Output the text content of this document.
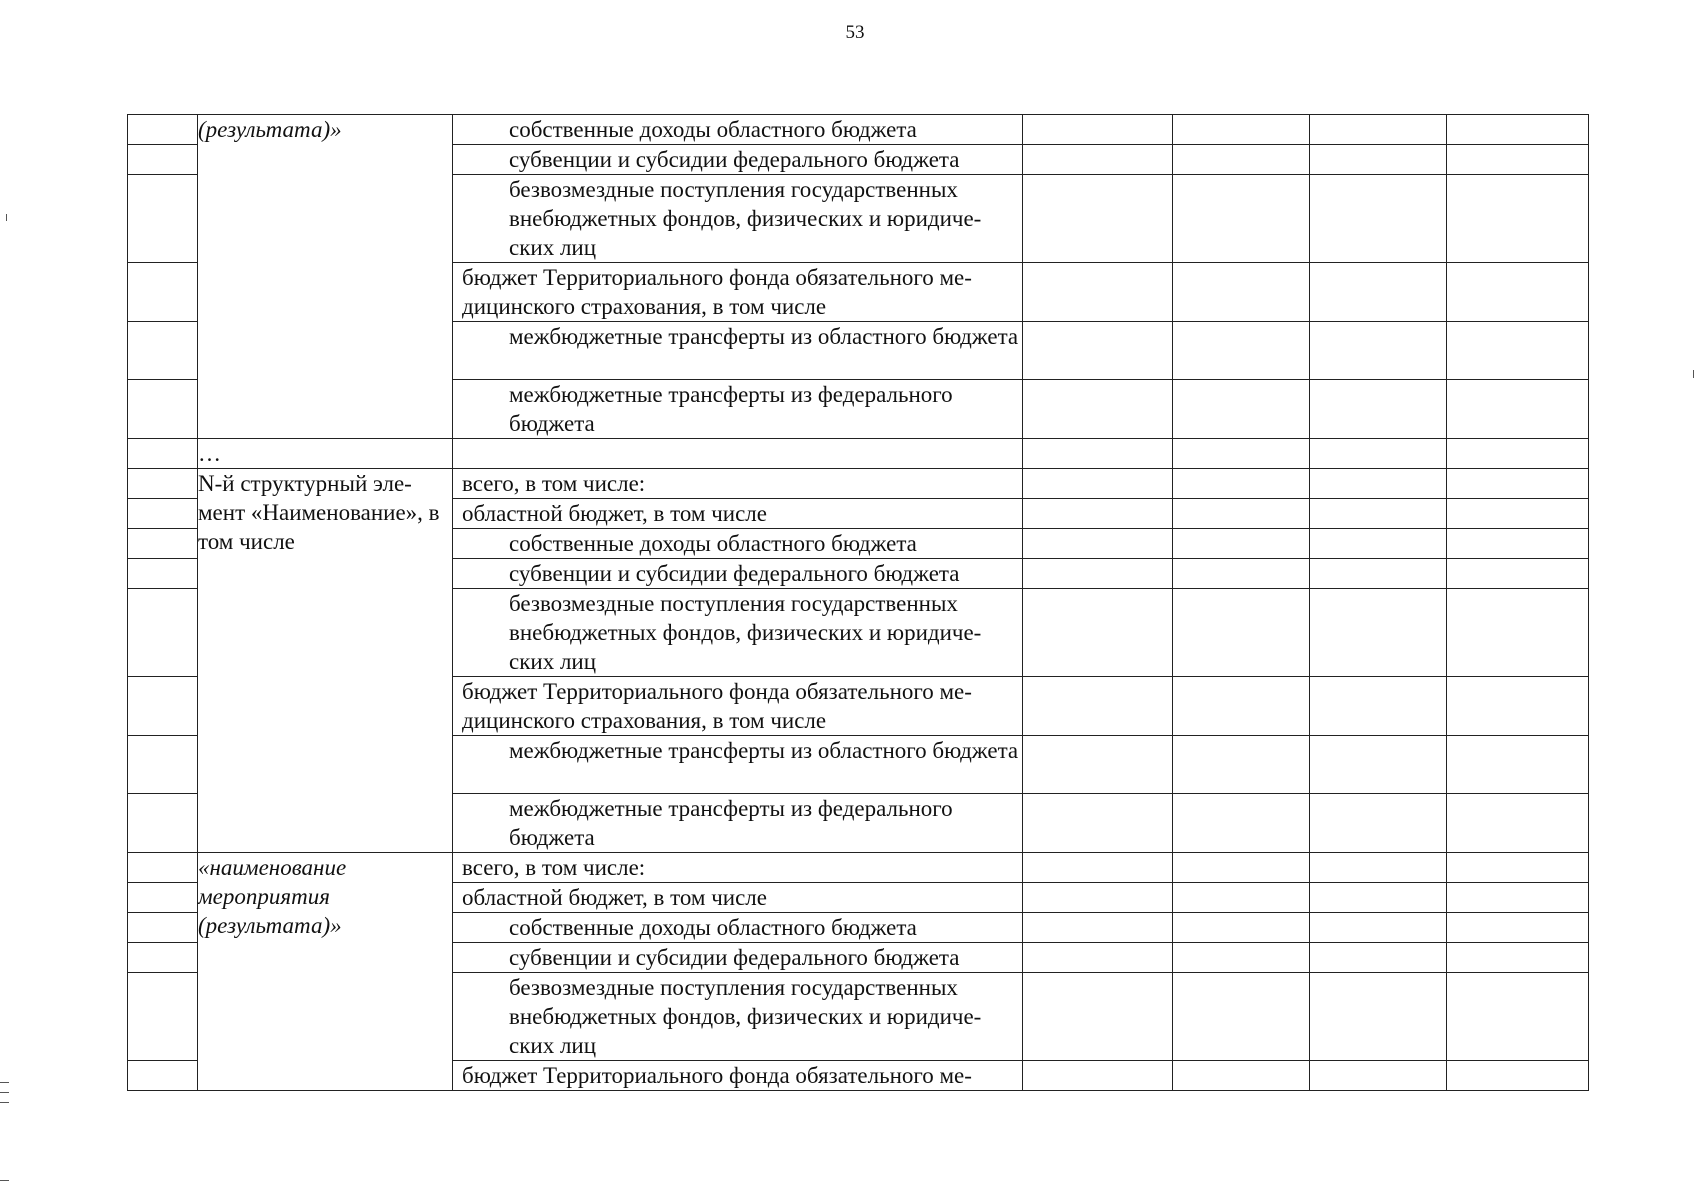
53
	(результата)»	собственные доходы областного бюджета				
		субвенции и субсидии федерального бюджета				
		безвозмездные поступления государственных внебюджетных фондов, физических и юридиче-ских лиц				
		бюджет Территориального фонда обязательного ме-дицинского страхования, в том числе				
		межбюджетные трансферты из областного бюджета				
		межбюджетные трансферты из федерального бюджета				
	…					
	N-й структурный эле-мент «Наименование», в том числе	всего, в том числе:				
		областной бюджет, в том числе				
		собственные доходы областного бюджета				
		субвенции и субсидии федерального бюджета				
		безвозмездные поступления государственных внебюджетных фондов, физических и юридиче-ских лиц				
		бюджет Территориального фонда обязательного ме-дицинского страхования, в том числе				
		межбюджетные трансферты из областного бюджета				
		межбюджетные трансферты из федерального бюджета				
	«наименование мероприятия (результата)»	всего, в том числе:				
		областной бюджет, в том числе				
		собственные доходы областного бюджета				
		субвенции и субсидии федерального бюджета				
		безвозмездные поступления государственных внебюджетных фондов, физических и юридиче-ских лиц				
		бюджет Территориального фонда обязательного ме-				
